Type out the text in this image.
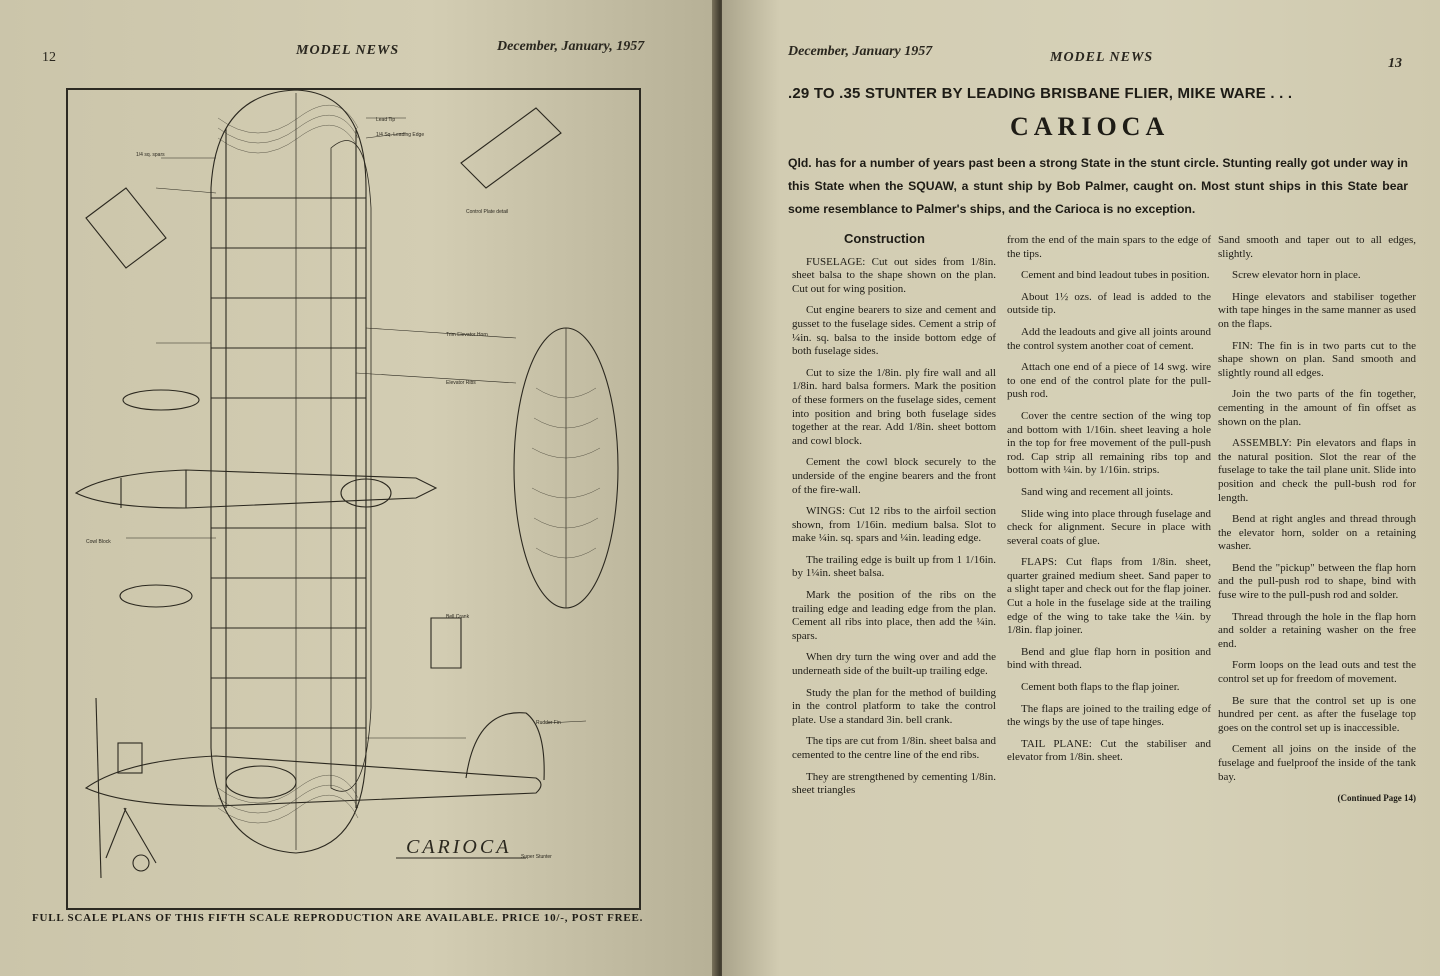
12	MODEL NEWS	December, January, 1957
CARIOCA
Lead Tip
1/4 Sq. Leading Edge
Control Plate detail
1/4 sq. spars
Trim Elevator Horn
Elevator Ribs
Cowl Block
Bell Crank
Rudder Fin
Super Stunter
FULL SCALE PLANS OF THIS FIFTH SCALE REPRODUCTION ARE AVAILABLE. PRICE 10/-, POST FREE.
December, January 1957	MODEL NEWS	13
.29 TO .35 STUNTER BY LEADING BRISBANE FLIER, MIKE WARE . . .
CARIOCA
Qld. has for a number of years past been a strong State in the stunt circle. Stunting really got under way in this State when the SQUAW, a stunt ship by Bob Palmer, caught on. Most stunt ships in this State bear some resemblance to Palmer's ships, and the Carioca is no exception.

Construction

FUSELAGE: Cut out sides from 1/8in. sheet balsa to the shape shown on the plan. Cut out for wing position.

Cut engine bearers to size and cement and gusset to the fuselage sides. Cement a strip of ¼in. sq. balsa to the inside bottom edge of both fuselage sides.

Cut to size the 1/8in. ply fire wall and all 1/8in. hard balsa formers. Mark the position of these formers on the fuselage sides, cement into position and bring both fuselage sides together at the rear. Add 1/8in. sheet bottom and cowl block.

Cement the cowl block securely to the underside of the engine bearers and the front of the fire-wall.

WINGS: Cut 12 ribs to the airfoil section shown, from 1/16in. medium balsa. Slot to make ¼in. sq. spars and ¼in. leading edge.

The trailing edge is built up from 1 1/16in. by 1¼in. sheet balsa.

Mark the position of the ribs on the trailing edge and leading edge from the plan. Cement all ribs into place, then add the ¼in. spars.

When dry turn the wing over and add the underneath side of the built-up trailing edge.

Study the plan for the method of building in the control platform to take the control plate. Use a standard 3in. bell crank.

The tips are cut from 1/8in. sheet balsa and cemented to the centre line of the end ribs.

They are strengthened by cementing 1/8in. sheet triangles

from the end of the main spars to the edge of the tips.

Cement and bind leadout tubes in position.

About 1½ ozs. of lead is added to the outside tip.

Add the leadouts and give all joints around the control system another coat of cement.

Attach one end of a piece of 14 swg. wire to one end of the control plate for the pull-push rod.

Cover the centre section of the wing top and bottom with 1/16in. sheet leaving a hole in the top for free movement of the pull-push rod. Cap strip all remaining ribs top and bottom with ¼in. by 1/16in. strips.

Sand wing and recement all joints.

Slide wing into place through fuselage and check for alignment. Secure in place with several coats of glue.

FLAPS: Cut flaps from 1/8in. sheet, quarter grained medium sheet. Sand paper to a slight taper and check out for the flap joiner. Cut a hole in the fuselage side at the trailing edge of the wing to take take the ¼in. by 1/8in. flap joiner.

Bend and glue flap horn in position and bind with thread.

Cement both flaps to the flap joiner.

The flaps are joined to the trailing edge of the wings by the use of tape hinges.

TAIL PLANE: Cut the stabiliser and elevator from 1/8in. sheet.

Sand smooth and taper out to all edges, slightly.

Screw elevator horn in place.

Hinge elevators and stabiliser together with tape hinges in the same manner as used on the flaps.

FIN: The fin is in two parts cut to the shape shown on plan. Sand smooth and slightly round all edges.

Join the two parts of the fin together, cementing in the amount of fin offset as shown on the plan.

ASSEMBLY: Pin elevators and flaps in the natural position. Slot the rear of the fuselage to take the tail plane unit. Slide into position and check the pull-bush rod for length.

Bend at right angles and thread through the elevator horn, solder on a retaining washer.

Bend the "pickup" between the flap horn and the pull-push rod to shape, bind with fuse wire to the pull-push rod and solder.

Thread through the hole in the flap horn and solder a retaining washer on the free end.

Form loops on the lead outs and test the control set up for freedom of movement.

Be sure that the control set up is one hundred per cent. as after the fuselage top goes on the control set up is inaccessible.

Cement all joins on the inside of the fuselage and fuelproof the inside of the tank bay.

(Continued Page 14)
